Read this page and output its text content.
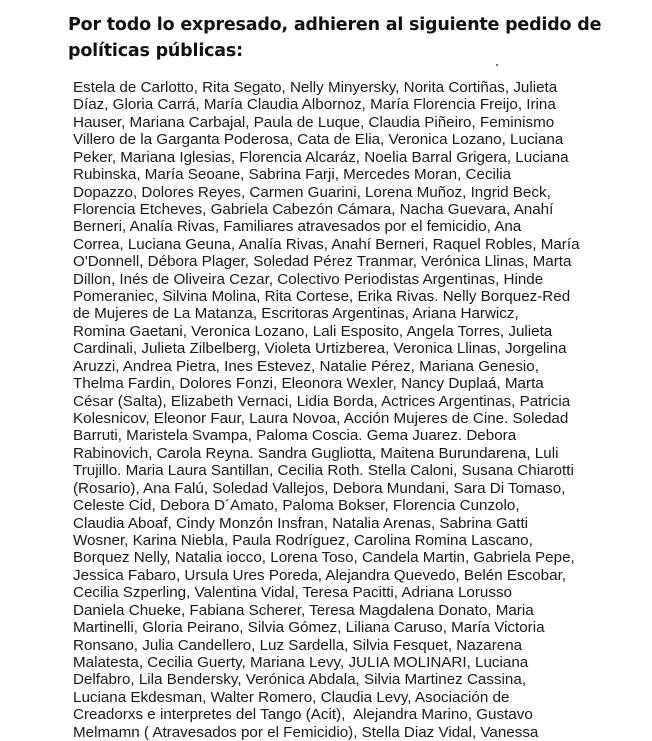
Por todo lo expresado, adhieren al siguiente pedido de
políticas públicas:
Estela de Carlotto, Rita Segato, Nelly Minyersky, Norita Cortiñas, Julieta
Díaz, Gloria Carrá, María Claudia Albornoz, María Florencia Freijo, Irina
Hauser, Mariana Carbajal, Paula de Luque, Claudia Piñeiro, Feminismo
Villero de la Garganta Poderosa, Cata de Elia, Veronica Lozano, Luciana
Peker, Mariana Iglesias, Florencia Alcaráz, Noelia Barral Grigera, Luciana
Rubinska, María Seoane, Sabrina Farji, Mercedes Moran, Cecilia
Dopazzo, Dolores Reyes, Carmen Guarini, Lorena Muñoz, Ingrid Beck,
Florencia Etcheves, Gabriela Cabezón Cámara, Nacha Guevara, Anahí
Berneri, Analía Rivas, Familiares atravesados por el femicidio, Ana
Correa, Luciana Geuna, Analía Rivas, Anahí Berneri, Raquel Robles, María
O'Donnell, Débora Plager, Soledad Pérez Tranmar, Verónica Llinas, Marta
Dillon, Inés de Oliveira Cezar, Colectivo Periodistas Argentinas, Hinde
Pomeraniec, Silvina Molina, Rita Cortese, Erika Rivas. Nelly Borquez-Red
de Mujeres de La Matanza, Escritoras Argentinas, Ariana Harwicz,
Romina Gaetani, Veronica Lozano, Lali Esposito, Angela Torres, Julieta
Cardinali, Julieta Zilbelberg, Violeta Urtizberea, Veronica Llinas, Jorgelina
Aruzzi, Andrea Pietra, Ines Estevez, Natalie Pérez, Mariana Genesio,
Thelma Fardin, Dolores Fonzi, Eleonora Wexler, Nancy Duplaá, Marta
César (Salta), Elizabeth Vernaci, Lidia Borda, Actrices Argentinas, Patricia
Kolesnicov, Eleonor Faur, Laura Novoa, Acción Mujeres de Cine. Soledad
Barruti, Maristela Svampa, Paloma Coscia. Gema Juarez. Debora
Rabinovich, Carola Reyna. Sandra Gugliotta, Maitena Burundarena, Luli
Trujillo. Maria Laura Santillan, Cecilia Roth. Stella Caloni, Susana Chiarotti
(Rosario), Ana Falú, Soledad Vallejos, Debora Mundani, Sara Di Tomaso,
Celeste Cid, Debora D´Amato, Paloma Bokser, Florencia Cunzolo,
Claudia Aboaf, Cindy Monzón Insfran, Natalia Arenas, Sabrina Gatti
Wosner, Karina Niebla, Paula Rodríguez, Carolina Romina Lascano,
Borquez Nelly, Natalia iocco, Lorena Toso, Candela Martin, Gabriela Pepe,
Jessica Fabaro, Ursula Ures Poreda, Alejandra Quevedo, Belén Escobar,
Cecilia Szperling, Valentina Vidal, Teresa Pacitti, Adriana Lorusso
Daniela Chueke, Fabiana Scherer, Teresa Magdalena Donato, Maria
Martinelli, Gloria Peirano, Silvia Gómez, Liliana Caruso, María Victoria
Ronsano, Julia Candellero, Luz Sardella, Silvia Fesquet, Nazarena
Malatesta, Cecilia Guerty, Mariana Levy, JULIA MOLINARI, Luciana
Delfabro, Lila Bendersky, Verónica Abdala, Silvia Martinez Cassina,
Luciana Ekdesman, Walter Romero, Claudia Levy, Asociación de
Creadorxs e interpretes del Tango (Acit),  Alejandra Marino, Gustavo
Melmamn ( Atravesados por el Femicidio), Stella Diaz Vidal, Vanessa
